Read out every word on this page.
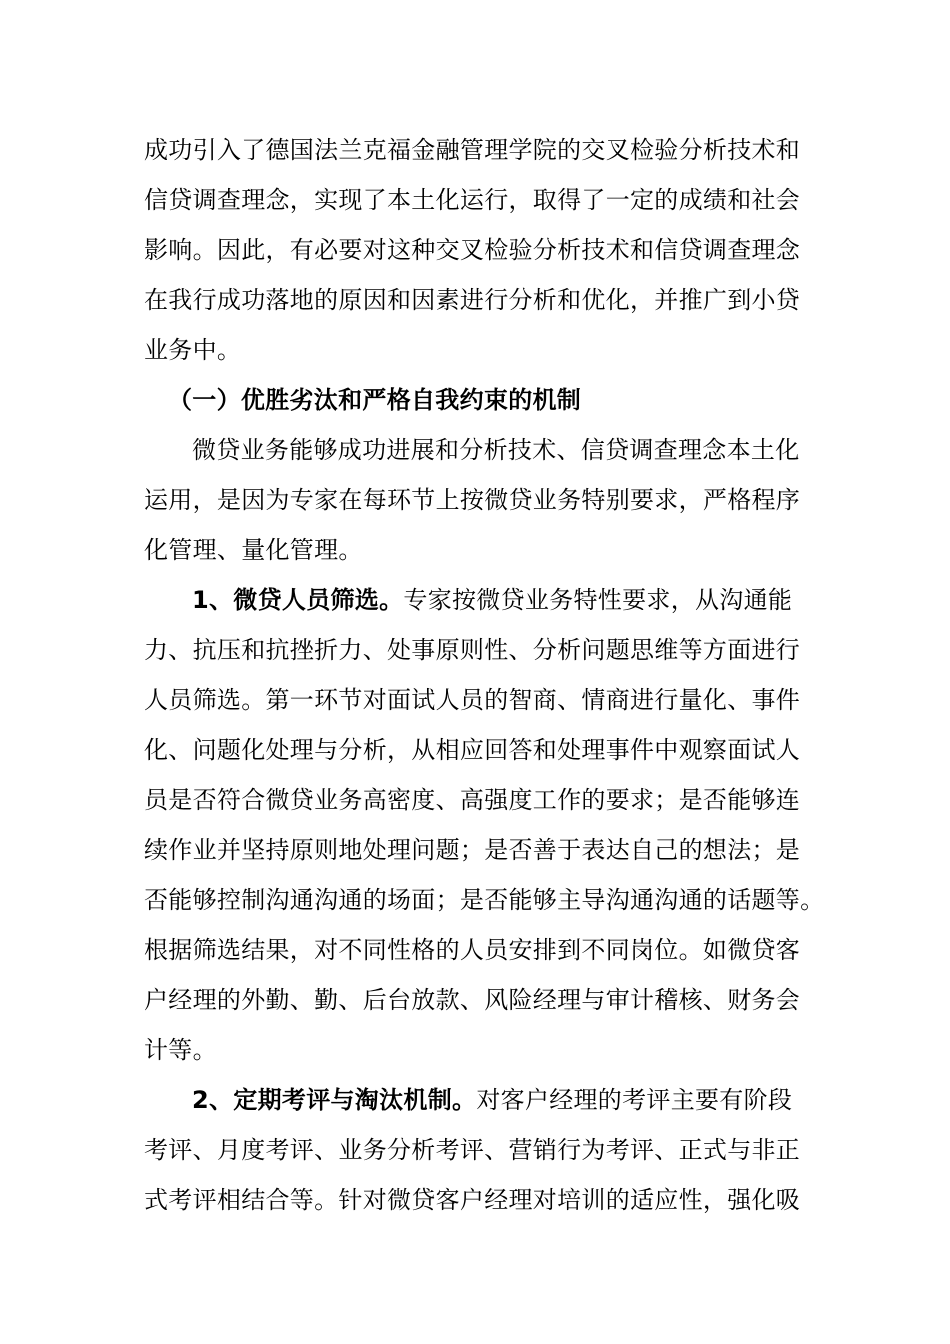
成功引入了德国法兰克福金融管理学院的交叉检验分析技术和
信贷调查理念，实现了本土化运行，取得了一定的成绩和社会
影响。因此，有必要对这种交叉检验分析技术和信贷调查理念
在我行成功落地的原因和因素进行分析和优化，并推广到小贷
业务中。
（一）优胜劣汰和严格自我约束的机制
微贷业务能够成功进展和分析技术、信贷调查理念本土化
运用，是因为专家在每环节上按微贷业务特别要求，严格程序
化管理、量化管理。
1、微贷人员筛选。专家按微贷业务特性要求，从沟通能
力、抗压和抗挫折力、处事原则性、分析问题思维等方面进行
人员筛选。第一环节对面试人员的智商、情商进行量化、事件
化、问题化处理与分析，从相应回答和处理事件中观察面试人
员是否符合微贷业务高密度、高强度工作的要求；是否能够连
续作业并坚持原则地处理问题；是否善于表达自己的想法；是
否能够控制沟通沟通的场面；是否能够主导沟通沟通的话题等。
根据筛选结果，对不同性格的人员安排到不同岗位。如微贷客
户经理的外勤、勤、后台放款、风险经理与审计稽核、财务会
计等。
2、定期考评与淘汰机制。对客户经理的考评主要有阶段
考评、月度考评、业务分析考评、营销行为考评、正式与非正
式考评相结合等。针对微贷客户经理对培训的适应性，强化吸
